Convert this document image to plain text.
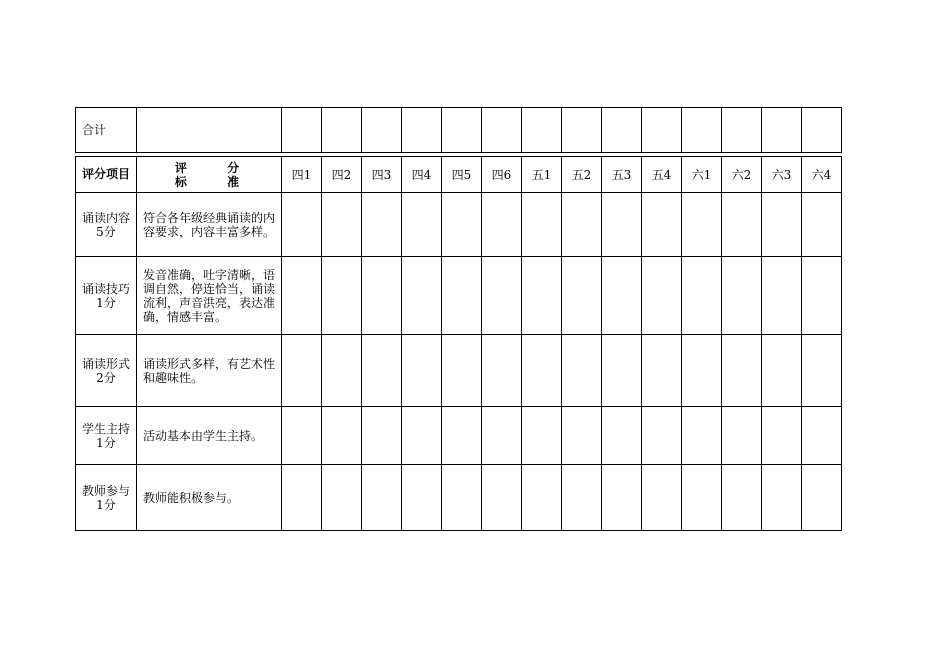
合计															

评分项目	评 分 标 准	四1	四2	四3	四4	四5	四6	五1	五2	五3	五4	六1	六2	六3	六4
诵读内容5分	符合各年级经典诵读的内容要求，内容丰富多样。														
诵读技巧1分	发音准确，吐字清晰，语调自然，停连恰当，诵读流利，声音洪亮，表达准确，情感丰富。														
诵读形式2分	诵读形式多样，有艺术性和趣味性。														
学生主持1分	活动基本由学生主持。														
教师参与1分	教师能积极参与。														
